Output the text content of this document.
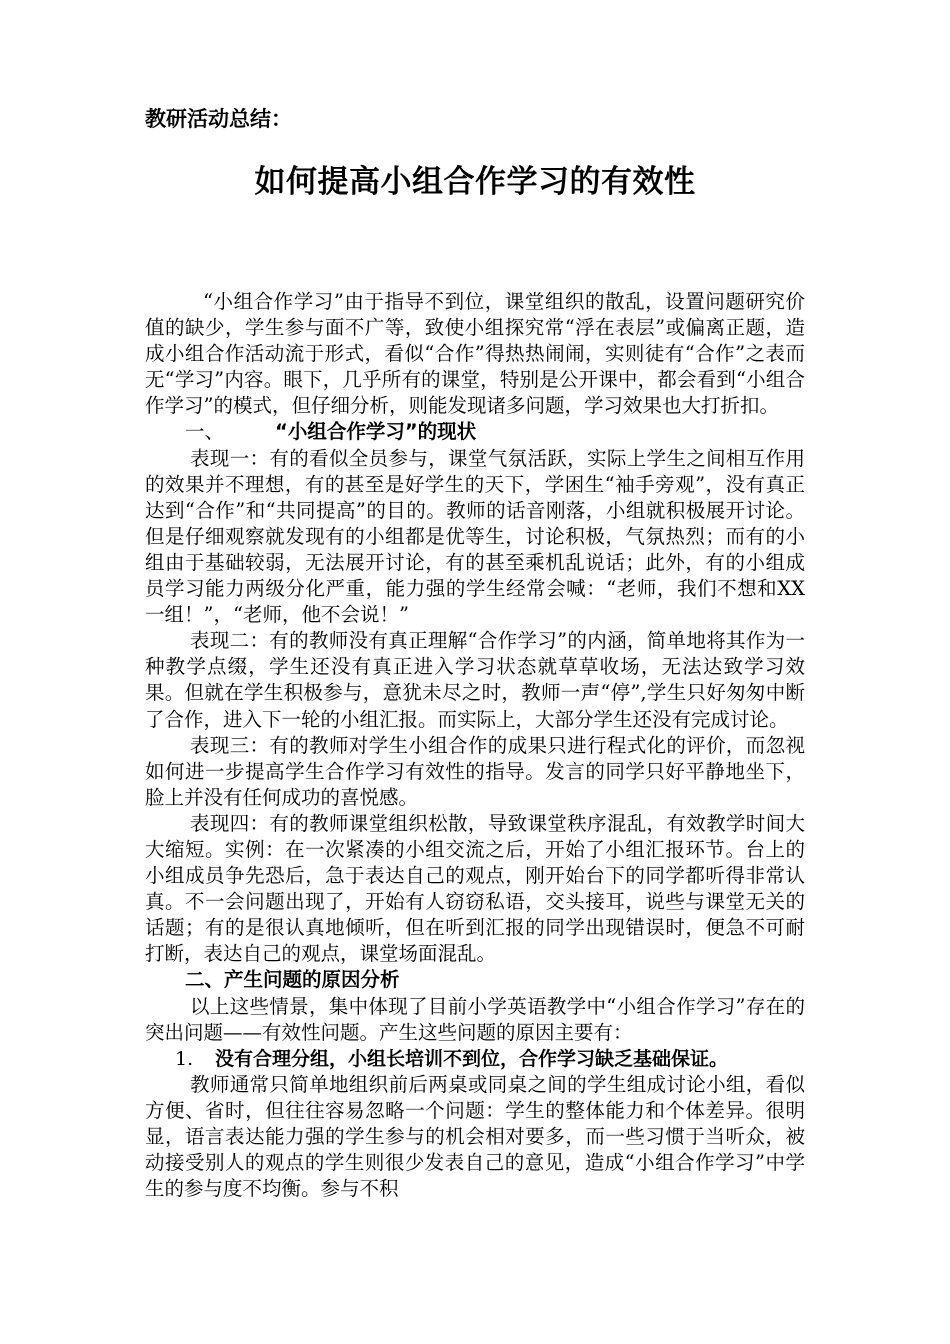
教研活动总结：
如何提高小组合作学习的有效性

“小组合作学习”由于指导不到位，课堂组织的散乱，设置问题研究价值的缺少，学生参与面不广等，致使小组探究常“浮在表层”或偏离正题，造成小组合作活动流于形式，看似“合作”得热热闹闹，实则徒有“合作”之表而无“学习”内容。眼下，几乎所有的课堂，特别是公开课中，都会看到“小组合作学习”的模式，但仔细分析，则能发现诸多问题，学习效果也大打折扣。

一、	“小组合作学习”的现状

表现一：有的看似全员参与，课堂气氛活跃，实际上学生之间相互作用的效果并不理想，有的甚至是好学生的天下，学困生“袖手旁观”，没有真正达到“合作”和“共同提高”的目的。教师的话音刚落，小组就积极展开讨论。但是仔细观察就发现有的小组都是优等生，讨论积极，气氛热烈；而有的小组由于基础较弱，无法展开讨论，有的甚至乘机乱说话；此外，有的小组成员学习能力两级分化严重，能力强的学生经常会喊：“老师，我们不想和XX一组！”，“老师，他不会说！”

表现二：有的教师没有真正理解“合作学习”的内涵，简单地将其作为一种教学点缀，学生还没有真正进入学习状态就草草收场，无法达致学习效果。但就在学生积极参与，意犹未尽之时，教师一声“停”,学生只好匆匆中断了合作，进入下一轮的小组汇报。而实际上，大部分学生还没有完成讨论。

表现三：有的教师对学生小组合作的成果只进行程式化的评价，而忽视如何进一步提高学生合作学习有效性的指导。发言的同学只好平静地坐下，脸上并没有任何成功的喜悦感。

表现四：有的教师课堂组织松散，导致课堂秩序混乱，有效教学时间大大缩短。实例：在一次紧凑的小组交流之后，开始了小组汇报环节。台上的小组成员争先恐后，急于表达自己的观点，刚开始台下的同学都听得非常认真。不一会问题出现了，开始有人窃窃私语，交头接耳，说些与课堂无关的话题；有的是很认真地倾听，但在听到汇报的同学出现错误时，便急不可耐打断，表达自己的观点，课堂场面混乱。

二、产生问题的原因分析

以上这些情景，集中体现了目前小学英语教学中“小组合作学习”存在的突出问题——有效性问题。产生这些问题的原因主要有：

1. 没有合理分组，小组长培训不到位，合作学习缺乏基础保证。

教师通常只简单地组织前后两桌或同桌之间的学生组成讨论小组，看似方便、省时，但往往容易忽略一个问题：学生的整体能力和个体差异。很明显，语言表达能力强的学生参与的机会相对要多，而一些习惯于当听众，被动接受别人的观点的学生则很少发表自己的意见，造成“小组合作学习”中学生的参与度不均衡。参与不积
